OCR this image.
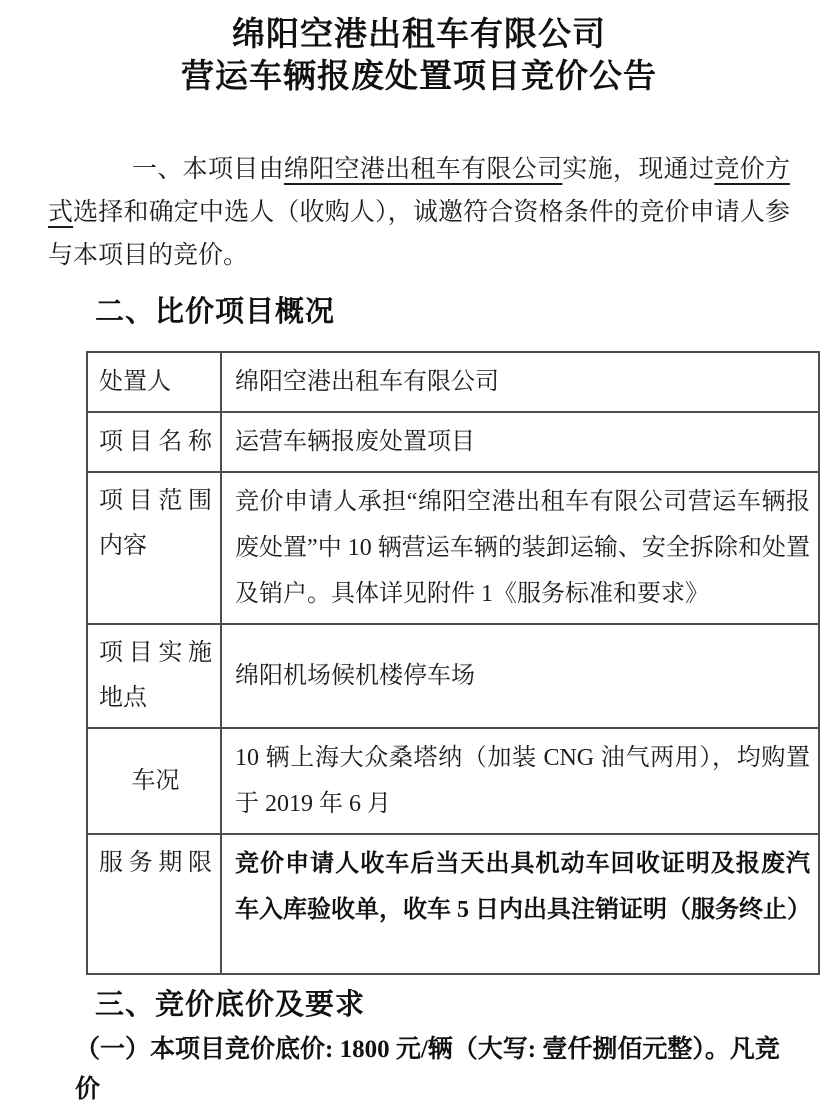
绵阳空港出租车有限公司
营运车辆报废处置项目竞价公告
一、本项目由绵阳空港出租车有限公司实施，现通过竞价方式选择和确定中选人（收购人），诚邀符合资格条件的竞价申请人参与本项目的竞价。
二、比价项目概况
处置人	绵阳空港出租车有限公司
项目名称 运营车辆报废处置项目
项目范围
内容
竞价申请人承担“绵阳空港出租车有限公司营运车辆报废处置”中 10 辆营运车辆的装卸运输、安全拆除和处置及销户。具体详见附件 1《服务标准和要求》
项目实施
地点
绵阳机场候机楼停车场
车况
10 辆上海大众桑塔纳（加装 CNG 油气两用），均购置于 2019 年 6 月
服务期限 竞价申请人收车后当天出具机动车回收证明及报废汽车入库验收单，收车 5 日内出具注销证明（服务终止）
三、竞价底价及要求
（一）本项目竞价底价: 1800 元/辆（大写: 壹仟捌佰元整）。凡竞价
